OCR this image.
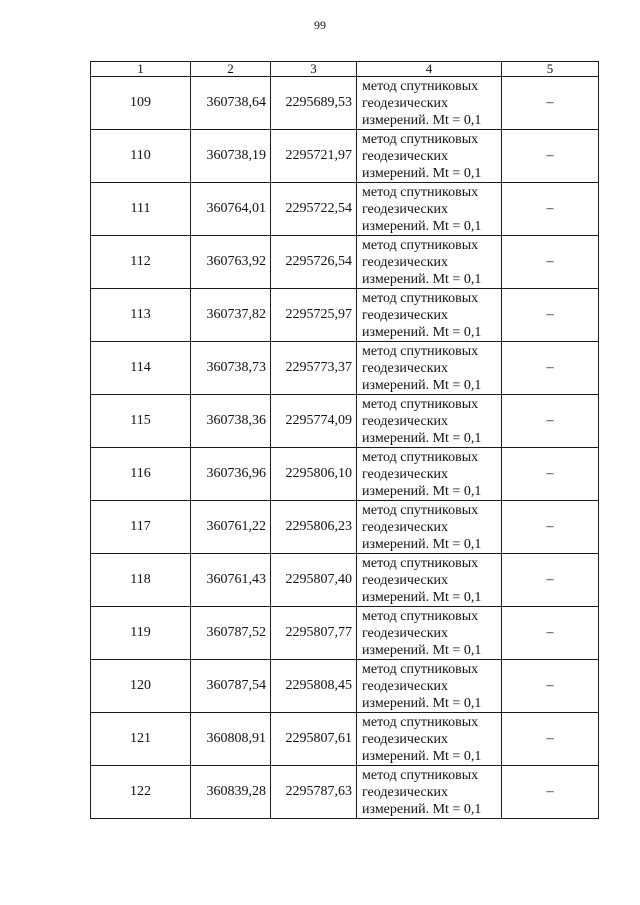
99
1	2	3	4	5
109	360738,64	2295689,53	метод спутниковых
геодезических
измерений. Mt = 0,1	–
110	360738,19	2295721,97	метод спутниковых
геодезических
измерений. Mt = 0,1	–
111	360764,01	2295722,54	метод спутниковых
геодезических
измерений. Mt = 0,1	–
112	360763,92	2295726,54	метод спутниковых
геодезических
измерений. Mt = 0,1	–
113	360737,82	2295725,97	метод спутниковых
геодезических
измерений. Mt = 0,1	–
114	360738,73	2295773,37	метод спутниковых
геодезических
измерений. Mt = 0,1	–
115	360738,36	2295774,09	метод спутниковых
геодезических
измерений. Mt = 0,1	–
116	360736,96	2295806,10	метод спутниковых
геодезических
измерений. Mt = 0,1	–
117	360761,22	2295806,23	метод спутниковых
геодезических
измерений. Mt = 0,1	–
118	360761,43	2295807,40	метод спутниковых
геодезических
измерений. Mt = 0,1	–
119	360787,52	2295807,77	метод спутниковых
геодезических
измерений. Mt = 0,1	–
120	360787,54	2295808,45	метод спутниковых
геодезических
измерений. Mt = 0,1	–
121	360808,91	2295807,61	метод спутниковых
геодезических
измерений. Mt = 0,1	–
122	360839,28	2295787,63	метод спутниковых
геодезических
измерений. Mt = 0,1	–
